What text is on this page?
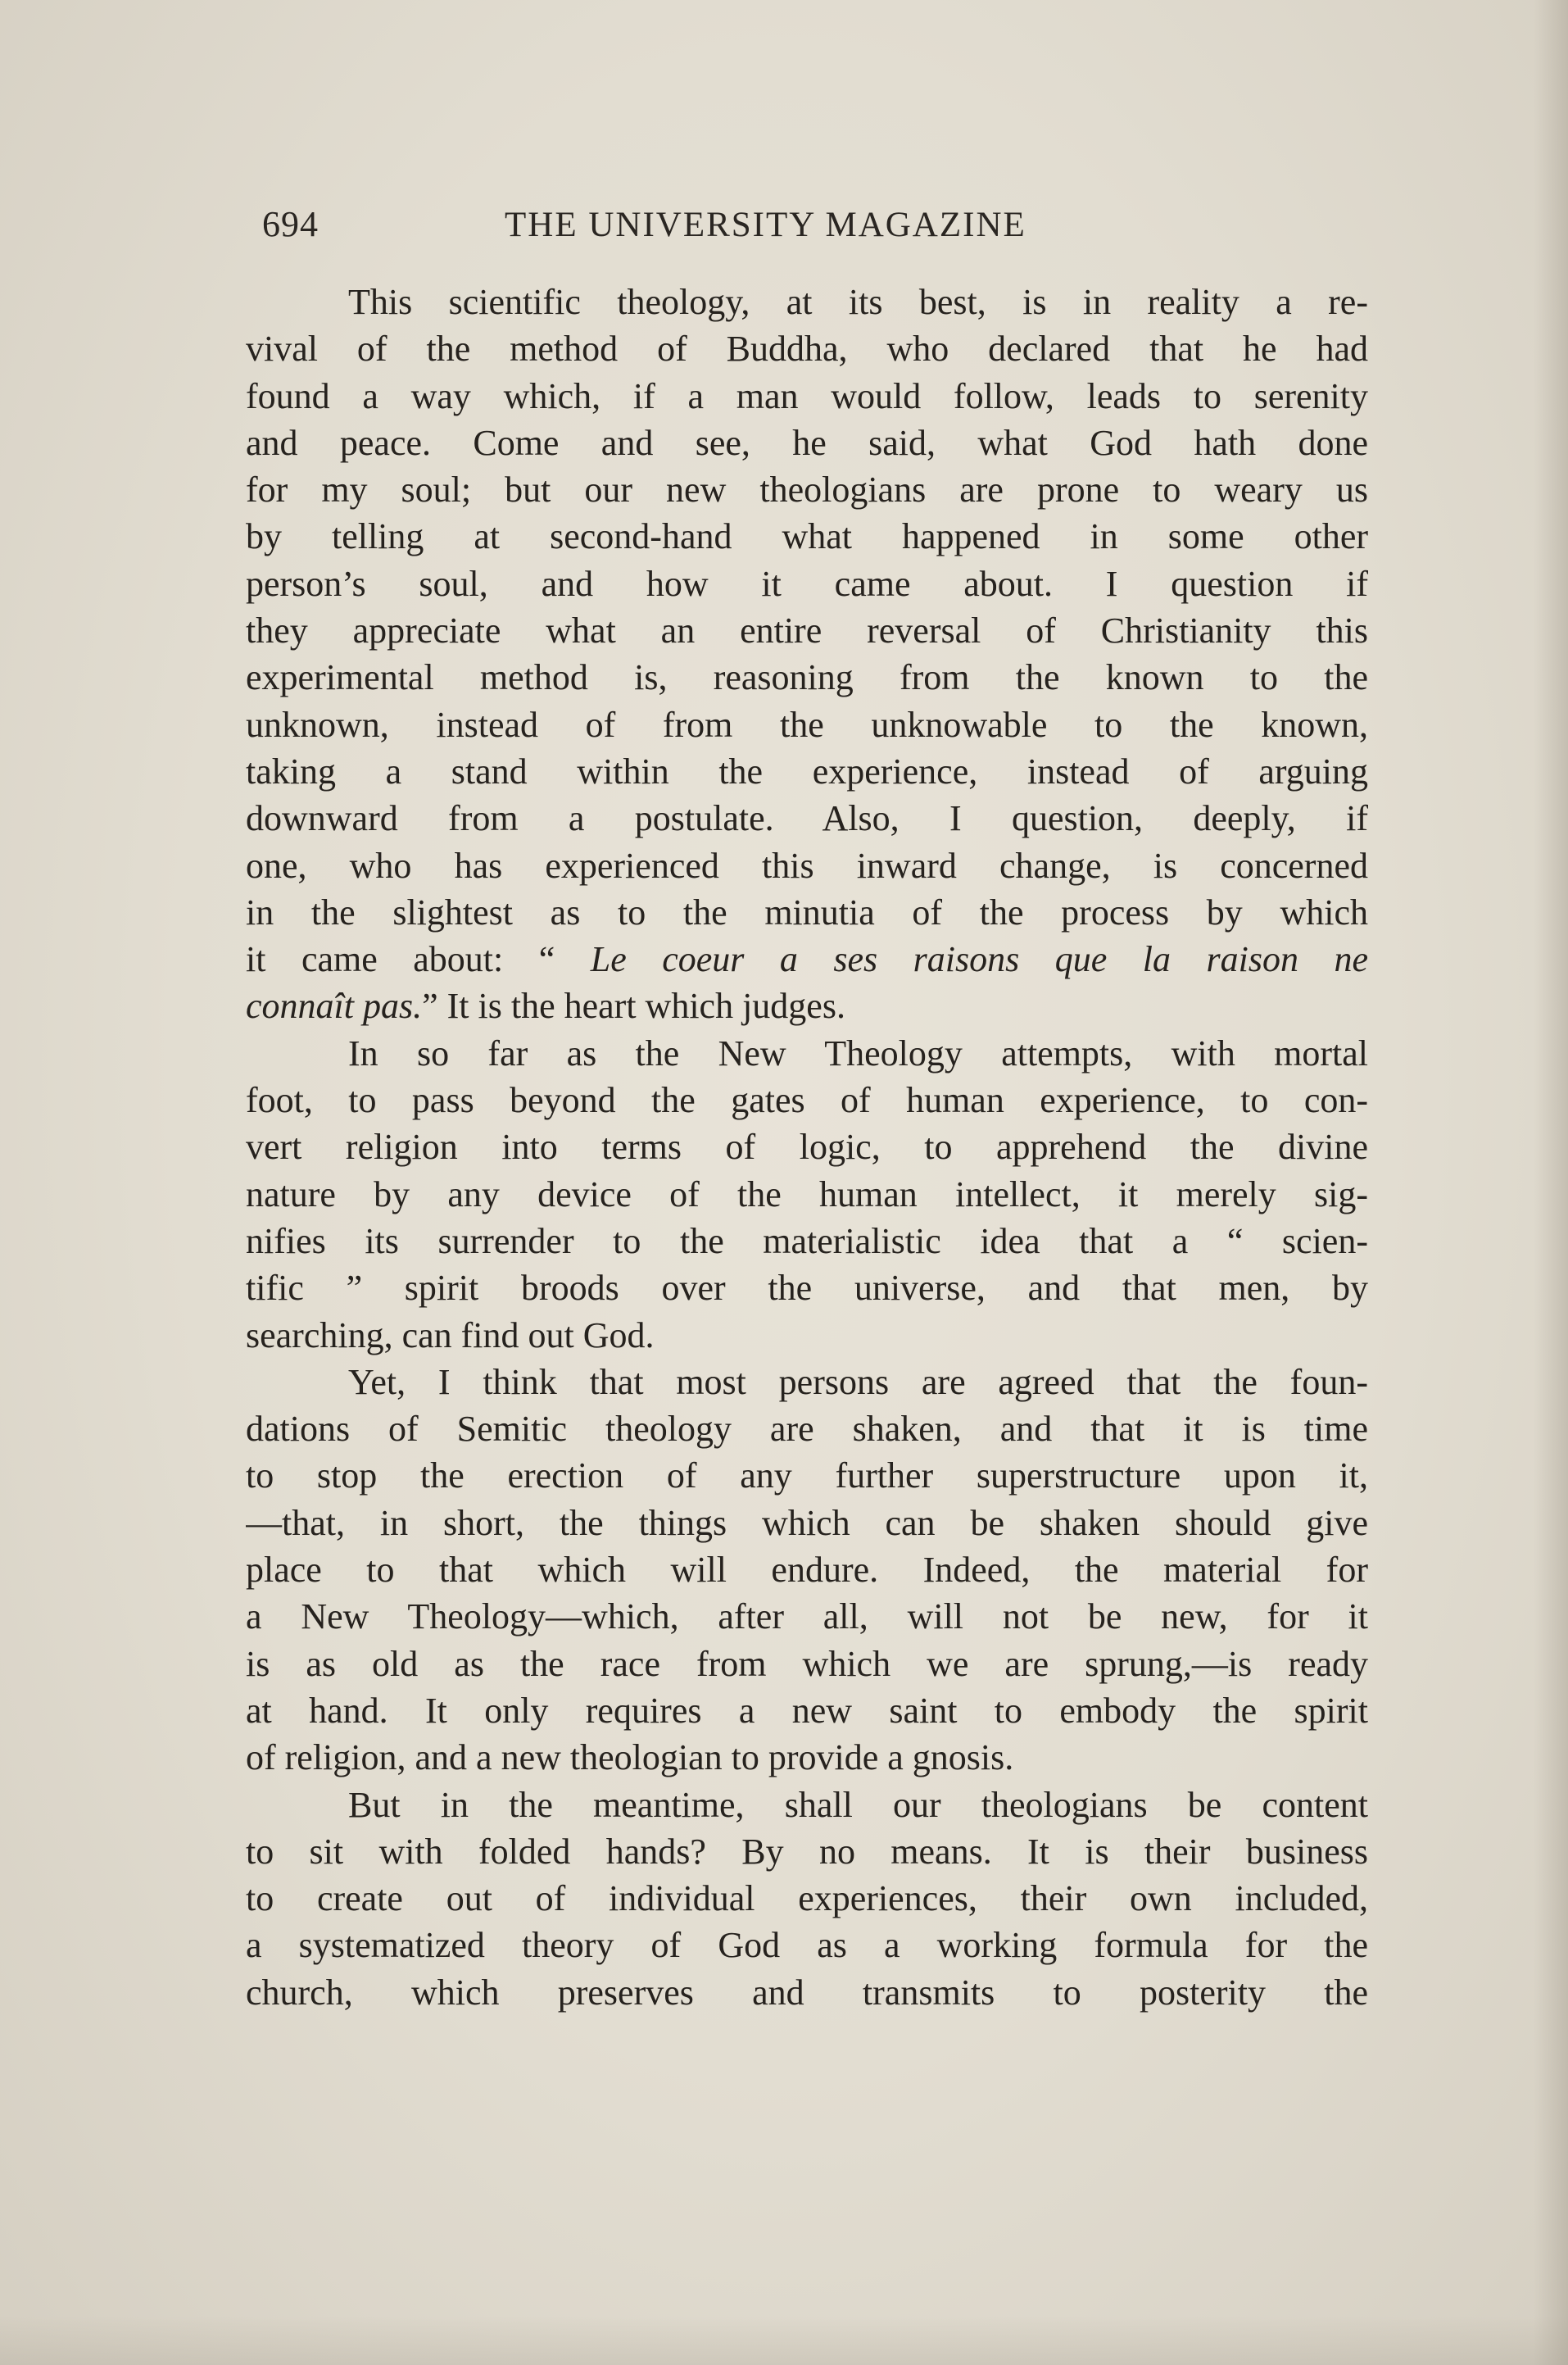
694	THE UNIVERSITY MAGAZINE
This scientific theology, at its best, is in reality a re-
vival of the method of Buddha, who declared that he had
found a way which, if a man would follow, leads to serenity
and peace. Come and see, he said, what God hath done
for my soul; but our new theologians are prone to weary us
by telling at second-hand what happened in some other
person’s soul, and how it came about. I question if
they appreciate what an entire reversal of Christianity this
experimental method is, reasoning from the known to the
unknown, instead of from the unknowable to the known,
taking a stand within the experience, instead of arguing
downward from a postulate. Also, I question, deeply, if
one, who has experienced this inward change, is concerned
in the slightest as to the minutia of the process by which
it came about: “ Le coeur a ses raisons que la raison ne
connaît pas.” It is the heart which judges.
In so far as the New Theology attempts, with mortal
foot, to pass beyond the gates of human experience, to con-
vert religion into terms of logic, to apprehend the divine
nature by any device of the human intellect, it merely sig-
nifies its surrender to the materialistic idea that a “ scien-
tific ” spirit broods over the universe, and that men, by
searching, can find out God.
Yet, I think that most persons are agreed that the foun-
dations of Semitic theology are shaken, and that it is time
to stop the erection of any further superstructure upon it,
—that, in short, the things which can be shaken should give
place to that which will endure. Indeed, the material for
a New Theology—which, after all, will not be new, for it
is as old as the race from which we are sprung,—is ready
at hand. It only requires a new saint to embody the spirit
of religion, and a new theologian to provide a gnosis.
But in the meantime, shall our theologians be content
to sit with folded hands? By no means. It is their business
to create out of individual experiences, their own included,
a systematized theory of God as a working formula for the
church, which preserves and transmits to posterity the
